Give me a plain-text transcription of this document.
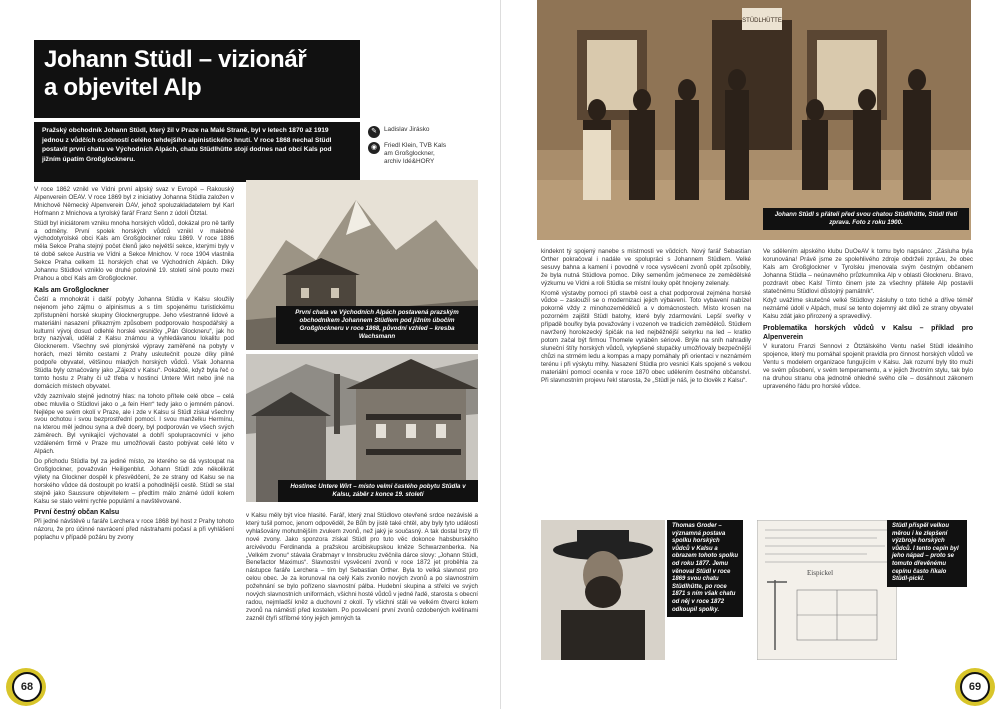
Johann Stüdl – vizionář
a objevitel Alp
Pražský obchodník Johann Stüdl, který žil v Praze na Malé Straně, byl v letech 1870 až 1919 jednou z vůdčích osobností celého tehdejšího alpinistického hnutí. V roce 1868 nechal Stüdl postavit první chatu ve Východních Alpách, chatu Stüdlhütte stojí dodnes nad obcí Kals pod jižním úpatím Großglockneru.

V roce 1862 vznikl ve Vídni první alpský svaz v Evropě – Rakouský Alpenverein OEAV. V roce 1869 byl z iniciativy Johanna Stüdla založen v Mnichově Německý Alpenverein DAV, jehož spoluzakladatelem byl Karl Hofmann z Mnichova a tyrolský farář Franz Senn z údolí Ötztal.

Stüdl byl iniciátorem vzniku mnoha horských vůdců, dokázal pro ně tarify a odměny. První spolek horských vůdců vznikl v malebné východotyrolské obci Kals am Großglockner roku 1869. V roce 1886 měla Sekce Praha stejný počet členů jako největší sekce, kterými byly v té době sekce Austria ve Vídni a Sekce Mnichov. V roce 1904 vlastnila Sekce Praha celkem 11 horských chat ve Východních Alpách. Díky Johannu Stüdlovi vzniklo ve druhé polovině 19. století síně pouto mezi Prahou a obcí Kals am Großglockner.

Kals am Großglockner

Čeští a mnohokrát i další pobyty Johanna Stüdla v Kalsu sloužily nejenom jeho zájmu o alpinismus a s tím spojenému turistickému zpřístupnění horské skupiny Glocknergruppe. Jeho všestranné lidové a materiální nasazení přikazným způsobem podporovalo hospodářský a kulturní vývoj dosud odlehlé horské vesničky „Pán Glockneru“, jak ho brzy nazývali, udělal z Kalsu známou a vyhledávanou lokalitu pod Glocknerem. Všechny své plonýrské výpravy zaměřené na pobyty v horách, mezi těmito cestami z Prahy uskutečnit pouze díky pilné podpoře obyvatel, většinou mladých horských vůdců. Však Johanna Stüdla byly označovány jako „Zájezd v Kalsu“. Pokaždé, když byla řeč o tomto hostu z Prahy či už třeba v hostinci Untere Wirt nebo jiné na domácích místech obyvatel.

vždy zaznívalo stejně jednotný hlas: na tohoto přítele celé obce – celá obec mluvila o Stüdlovi jako o „a fein Herr“ tedy jako o jemném pánovi. Nejlépe ve svém okolí v Praze, ale i zde v Kalsu si Stüdl získal všechny svou ochotou i svou bezprostřední pomocí. I svou manželku Hermínu, na kterou měl jednou syna a dvě dcery, byl podporován ve všech svých záměrech. Byl vynikající výchovatel a dobří spolupracovníci v jeho vzdáleném firmě v Praze mu umožňovali často pobývat celé léto v Alpách.

Do přichodu Stüdla byl za jediné místo, ze kterého se dá vystoupat na Großglockner, považován Heiligenblut. Johann Stüdl zde několikrát výlety na Glockner dospěl k přesvědčení, že ze strany od Kalsu se na horského vůdce dá dostoupit po kratší a pohodlnější cestě. Stüdl se stal stejně jako Saussure objevitelem – předtím málo známé údolí kolem Kalsu se stalo velmi rychle populární a navštěvované.

První čestný občan Kalsu

Při jedné návštěvě u faráře Lerchera v roce 1868 byl host z Prahy tohoto názoru, že pro účinné navrácení před nástrahami počasí a při vyhlášení poplachu v případě požáru by zvony

První chata ve Východních Alpách postavená prazským obchodníkem Johannem Stüdlem pod jižním úbočím Großglockneru v roce 1868, původní vzhled – kresba Wachsmann
Hostinec Untere Wirt – místo velmi častého pobytu Stüdla v Kalsu, záběr z konce 19. století

v Kalsu měly být více hlasité. Farář, který znal Stüdlovo otevřené srdce nezávislé a který tušil pomoc, jenom odpověděl, že Bůh by jistě také chtěl, aby byly tyto události vyhlašovány mohutnějším zvukem zvonů, než jaký je současný. A tak dostal brzy tři nové zvony. Jako sponzora získal Stüdl pro tuto věc dokonce habsburského arcivévodu Ferdinanda a pražskou arcibiskupskou kněze Schwarzenberka. Na „Velkém zvonu“ stávala Grabmayr v Innsbrucku zvěčnila dárce slovy: „Johann Stüdl, Benefactor Maximus“. Slavnostní vysvěcení zvonů v roce 1872 jet proběhla za nástupce faráře Lerchera – tím byl Sebastian Orther. Byla to velká slavnost pro celou obec. Je za korunoval na celý Kals zvonilo nových zvonů a po slavnostním požehnání se bylo pořízeno slavnostní pálba. Hudební skupina a střelci ve svých nových slavnostních uniformách, všichni hosté vůdců v jedné řadě, starosta s obecní radou, nejmladší kněz a duchovní z okolí. Ty všichni stáli ve velkém čtverci kolem zvonů na náměstí před kostelem. Po posvěcení první zvonů ozdobených květinami zazněl čtyři stříbrné tóny jejich jemných ta

68
✎	Ladislav Jirásko
◉	Friedl Klein, TVB Kals
am Großglockner,
archiv Idé&HORY
STÜDLHÜTTE
Johann Stüdl s přáteli před svou chatou Stüdlhütte, Stüdl třetí zprava. Foto z roku 1900.

kindeknt tý spojený nanebe s mistrnosti ve vůdcích. Nový farář Sebastian Orther pokračoval i nadále ve spolupráci s Johannem Stüdlem. Velké sesuvy bahna a kamení i povodně v roce vysvěcení zvonů opět způsobily, že byla nutná Stüdlova pomoc. Díky semenům ječmenece ze zemědělské výzkumu ve Vídni a roli Stüdla se místní louky opět hnojeny zelenaly.

Kromě výstavby pomoci při stavbě cest a chat podporoval zejména horské vůdce – zasloužil se o modernizaci jejich výbavení. Toto vybavení nabízel pokorně vždy z minohozemědělců a v domácnostech. Místo krosen na pozorném zajištil Stüdl batohy, které byly zdarmováni. Lepší sveřky v případě bouřky byla považovány i vozenoh ve tradicích zemědělců. Stüdlem navržený horolezecký špičák na led nejběžnější sekyrku na led – kratko potom začal být firmou Thomele vyráběn sériově. Brýle na sníh nahradily sluneční štíty horských vůdců, vylepšené stupačky umožňovaly bezpečnější chůzi na strmém ledu a kompas a mapy pomáhaly při orientaci v neznámém terénu i při výskytu mlhy. Nasazení Stüdla pro vesnici Kals spojené s velkou materiální pomocí ocenila v roce 1870 obec udělením čestného občanství. Při slavnostním projevu řekl starosta, že „Stüdl je náš, je to člověk z Kalsu“.

Ve sdělením alpského klubu DuOeAV k tomu bylo napsáno: „Zásluha byla korunována! Právě jsme ze spolehlivého zdroje obdrželi zprávu, že obec Kals am Großglockner v Tyrolsku jmenovala svým čestným občanem Johanna Stüdla – neúnavného průzkumníka Alp v oblasti Glockneru. Bravo, pozdravit obec Kals! Tímto činem jste za všechny přátele Alp postavili statečnému Stüdlovi důstojný památník“.

Když uvážíme skutečné velké Stüdlovy zásluhy o toto tiché a dříve téměř neznámé údolí v Alpách, musí se tento dojemný akt díků ze strany obyvatel Kalsu zdát jako přirozený a spravedlivý.

Problematika horských vůdců v Kalsu – příklad pro Alpenverein

V kuratoru Franzi Sennovi z Ötztálského Ventu našel Stüdl ideálního spojence, který mu pomáhal spojenit pravidla pro činnost horských vůdců ve Ventu s modelem organizace fungujícím v Kalsu. Jak rozumí byly tito muži ve svém působení, v svém temperamentu, a v jejich životním stylu, tak bylo na druhou stranu oba jednotně ohledné svého cíle – dosáhnout zákonem upraveného řádu pro horské vůdce.

Thomas Groder – významná postava spolku horských vůdců v Kalsu a obrazem tohoto spolku od roku 1877. Jemu věnoval Stüdl v roce 1869 svou chatu Stüdlhütte, po roce 1871 s ním však chatu od něj v roce 1872 odkoupil spolky.
Eispickel
Stüdl přispěl velkou měrou i ke zlepšení výzbroje horských vůdců. I tento cepín byl jeho nápad – proto se tomuto dřevěnému cepínu často říkalo Stüdl-pickl.
69
